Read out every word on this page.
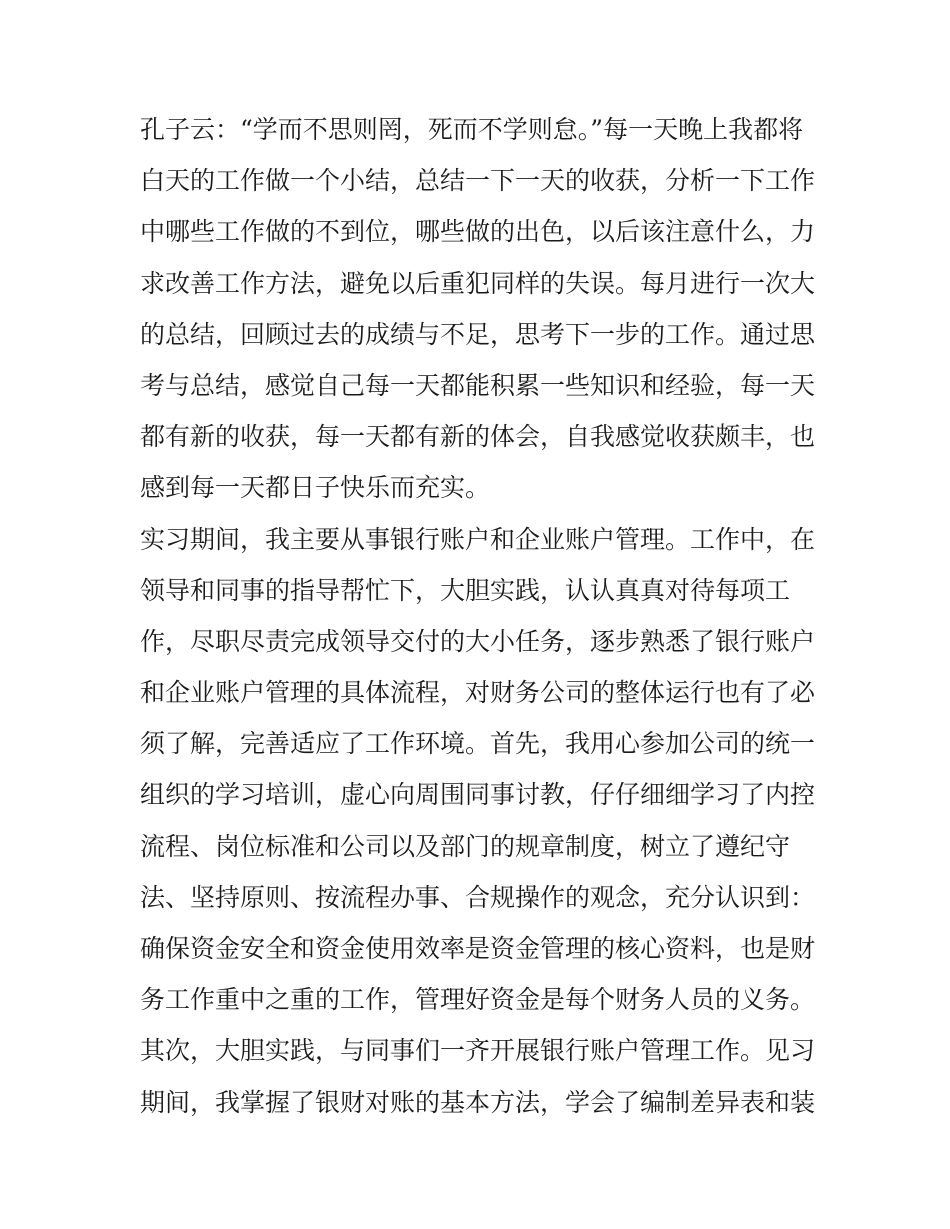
孔子云：“学而不思则罔，死而不学则怠。”每一天晚上我都将
白天的工作做一个小结，总结一下一天的收获，分析一下工作
中哪些工作做的不到位，哪些做的出色，以后该注意什么，力
求改善工作方法，避免以后重犯同样的失误。每月进行一次大
的总结，回顾过去的成绩与不足，思考下一步的工作。通过思
考与总结，感觉自己每一天都能积累一些知识和经验，每一天
都有新的收获，每一天都有新的体会，自我感觉收获颇丰，也
感到每一天都日子快乐而充实。
实习期间，我主要从事银行账户和企业账户管理。工作中，在
领导和同事的指导帮忙下，大胆实践，认认真真对待每项工
作，尽职尽责完成领导交付的大小任务，逐步熟悉了银行账户
和企业账户管理的具体流程，对财务公司的整体运行也有了必
须了解，完善适应了工作环境。首先，我用心参加公司的统一
组织的学习培训，虚心向周围同事讨教，仔仔细细学习了内控
流程、岗位标准和公司以及部门的规章制度，树立了遵纪守
法、坚持原则、按流程办事、合规操作的观念，充分认识到：
确保资金安全和资金使用效率是资金管理的核心资料，也是财
务工作重中之重的工作，管理好资金是每个财务人员的义务。
其次，大胆实践，与同事们一齐开展银行账户管理工作。见习
期间，我掌握了银财对账的基本方法，学会了编制差异表和装
